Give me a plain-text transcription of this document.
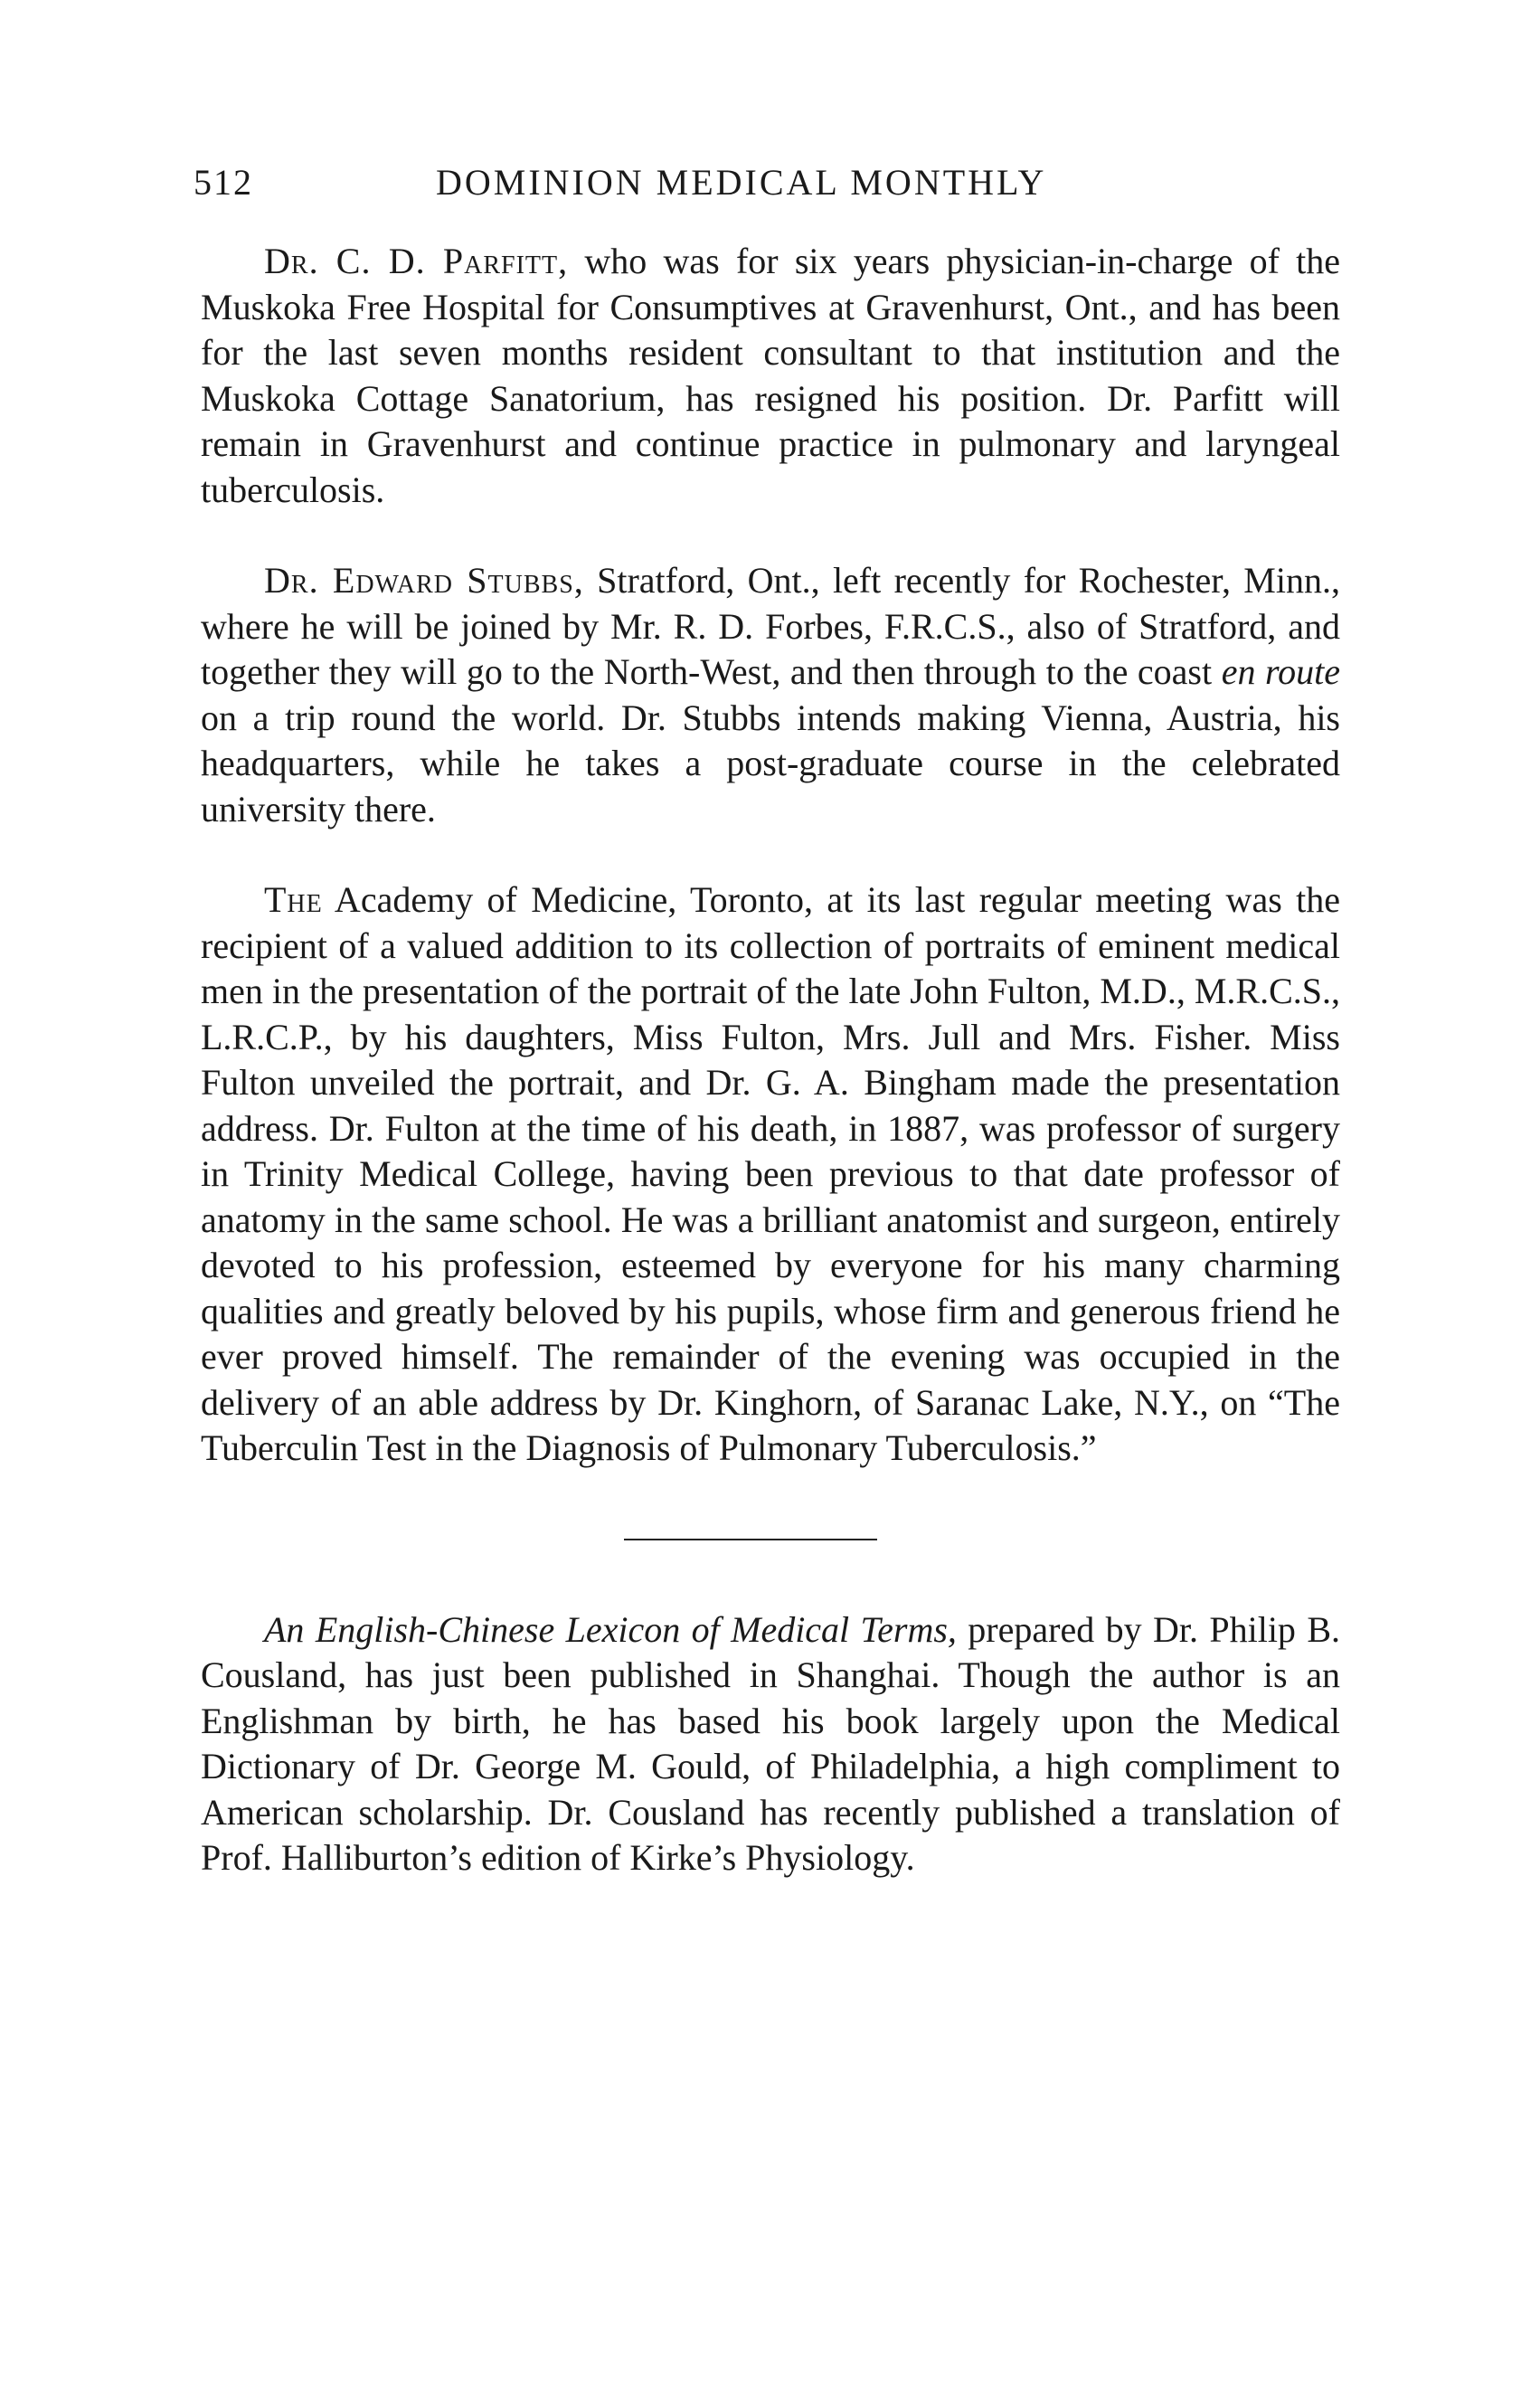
512	DOMINION MEDICAL MONTHLY

Dr. C. D. Parfitt, who was for six years physician-in-charge of the Muskoka Free Hospital for Consumptives at Gravenhurst, Ont., and has been for the last seven months resident consultant to that institution and the Muskoka Cottage Sanatorium, has resigned his position. Dr. Parfitt will remain in Gravenhurst and continue practice in pulmonary and laryngeal tuberculosis.

Dr. Edward Stubbs, Stratford, Ont., left recently for Rochester, Minn., where he will be joined by Mr. R. D. Forbes, F.R.C.S., also of Stratford, and together they will go to the North-West, and then through to the coast en route on a trip round the world. Dr. Stubbs intends making Vienna, Austria, his headquarters, while he takes a post-graduate course in the celebrated university there.

The Academy of Medicine, Toronto, at its last regular meeting was the recipient of a valued addition to its collection of portraits of eminent medical men in the presentation of the portrait of the late John Fulton, M.D., M.R.C.S., L.R.C.P., by his daughters, Miss Fulton, Mrs. Jull and Mrs. Fisher. Miss Fulton unveiled the portrait, and Dr. G. A. Bingham made the presentation address. Dr. Fulton at the time of his death, in 1887, was professor of surgery in Trinity Medical College, having been previous to that date professor of anatomy in the same school. He was a brilliant anatomist and surgeon, entirely devoted to his profession, esteemed by everyone for his many charming qualities and greatly beloved by his pupils, whose firm and generous friend he ever proved himself. The remainder of the evening was occupied in the delivery of an able address by Dr. Kinghorn, of Saranac Lake, N.Y., on “The Tuberculin Test in the Diagnosis of Pulmonary Tuberculosis.”

An English-Chinese Lexicon of Medical Terms, prepared by Dr. Philip B. Cousland, has just been published in Shanghai. Though the author is an Englishman by birth, he has based his book largely upon the Medical Dictionary of Dr. George M. Gould, of Philadelphia, a high compliment to American scholarship. Dr. Cousland has recently published a translation of Prof. Halliburton’s edition of Kirke’s Physiology.
